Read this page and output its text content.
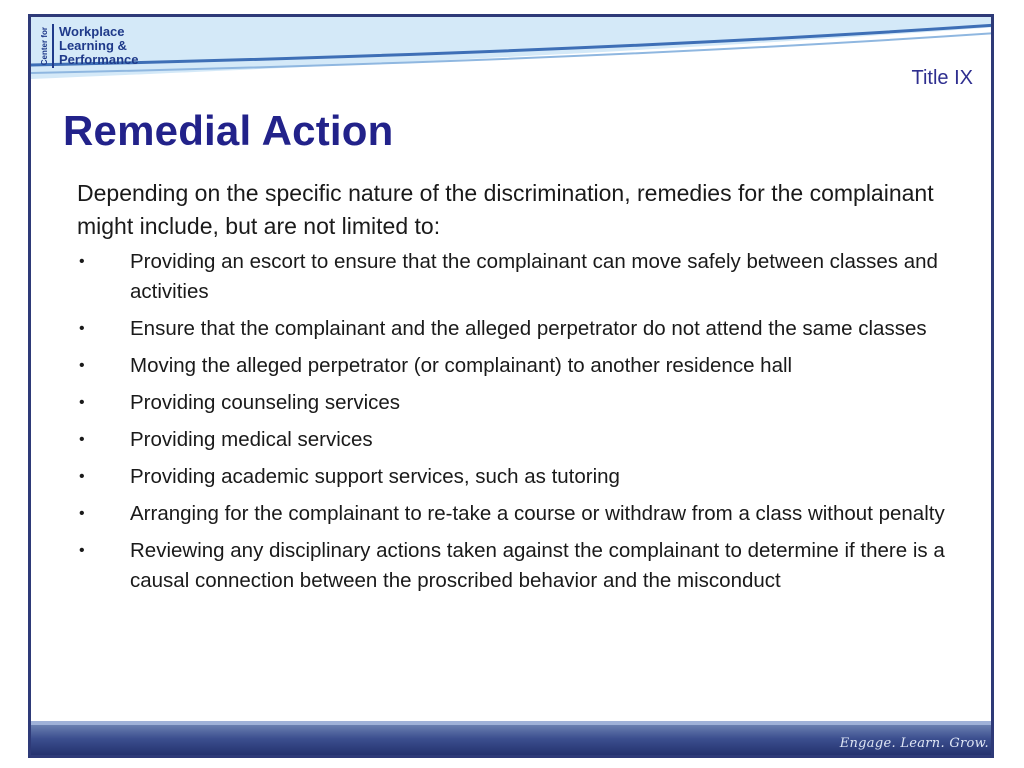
Center for Workplace
Learning &
Performance
Title IX
Remedial Action

Depending on the specific nature of the discrimination, remedies for the complainant might include, but are not limited to:

•	Providing an escort to ensure that the complainant can move safely between classes and activities
•	Ensure that the complainant and the alleged perpetrator do not attend the same classes
•	Moving the alleged perpetrator (or complainant) to another residence hall
•	Providing counseling services
•	Providing medical services
•	Providing academic support services, such as tutoring
•	Arranging for the complainant to re-take a course or withdraw from a class without penalty
•	Reviewing any disciplinary actions taken against the complainant to determine if there is a causal connection between the proscribed behavior and the misconduct
Engage. Learn. Grow.
